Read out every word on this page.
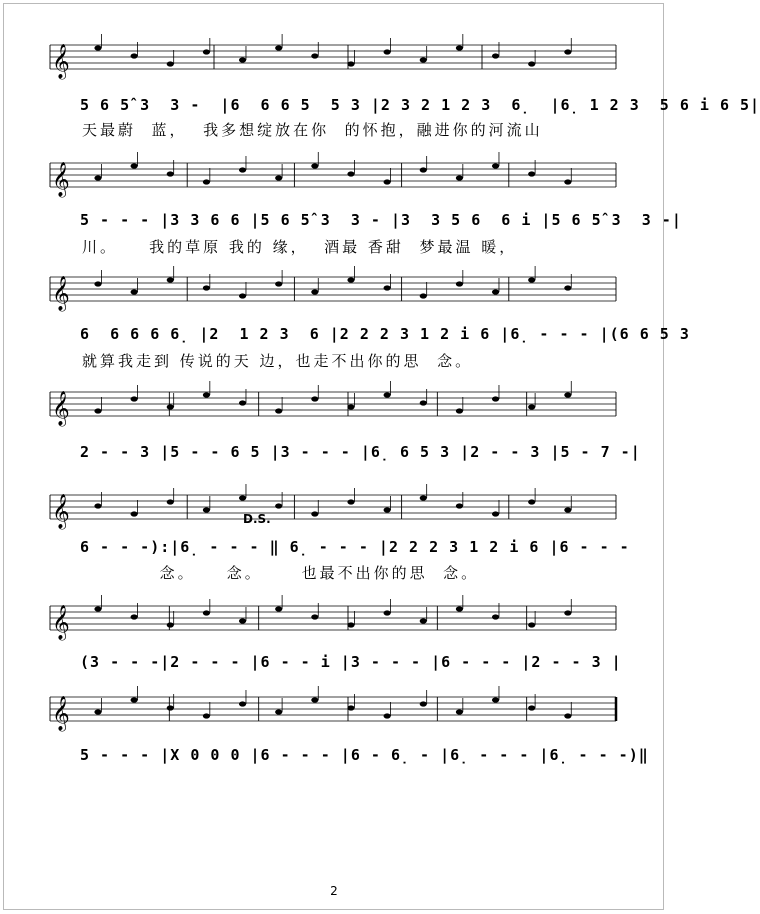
𝄞
5 6 5̂ 3  3 -  |6  6 6 5  5 3 |2 3 2 1 2 3  6̣  |6̣ 1 2 3  5 6 i 6 5|
天最蔚  蓝，  我多想绽放在你  的怀抱，融进你的河流山
𝄞
5 - - - |3 3 6 6 |5 6 5̂ 3  3 - |3  3 5 6  6 i |5 6 5̂ 3  3 -|
川。    我的草原 我的 缘，  酒最 香甜  梦最温 暖，
𝄞
6  6 6 6 6̣ |2  1 2 3  6 |2 2 2 3 1 2 i 6 |6̣ - - - |(6 6 5 3
就算我走到 传说的天 边，也走不出你的思  念。
𝄞
2 - - 3 |5 - - 6 5 |3 - - - |6̣ 6 5 3 |2 - - 3 |5 - 7 -|
𝄞	D.S.
6 - - -):|6̣ - - - ‖ 6̣ - - - |2 2 2 3 1 2 i 6 |6 - - -
念。    念。     也最不出你的思  念。
𝄞
(3 - - -|2 - - - |6 - - i |3 - - - |6 - - - |2 - - 3 |
𝄞
5 - - - |X 0 0 0 |6 - - - |6 - 6̣ - |6̣ - - - |6̣ - - -)‖
2
